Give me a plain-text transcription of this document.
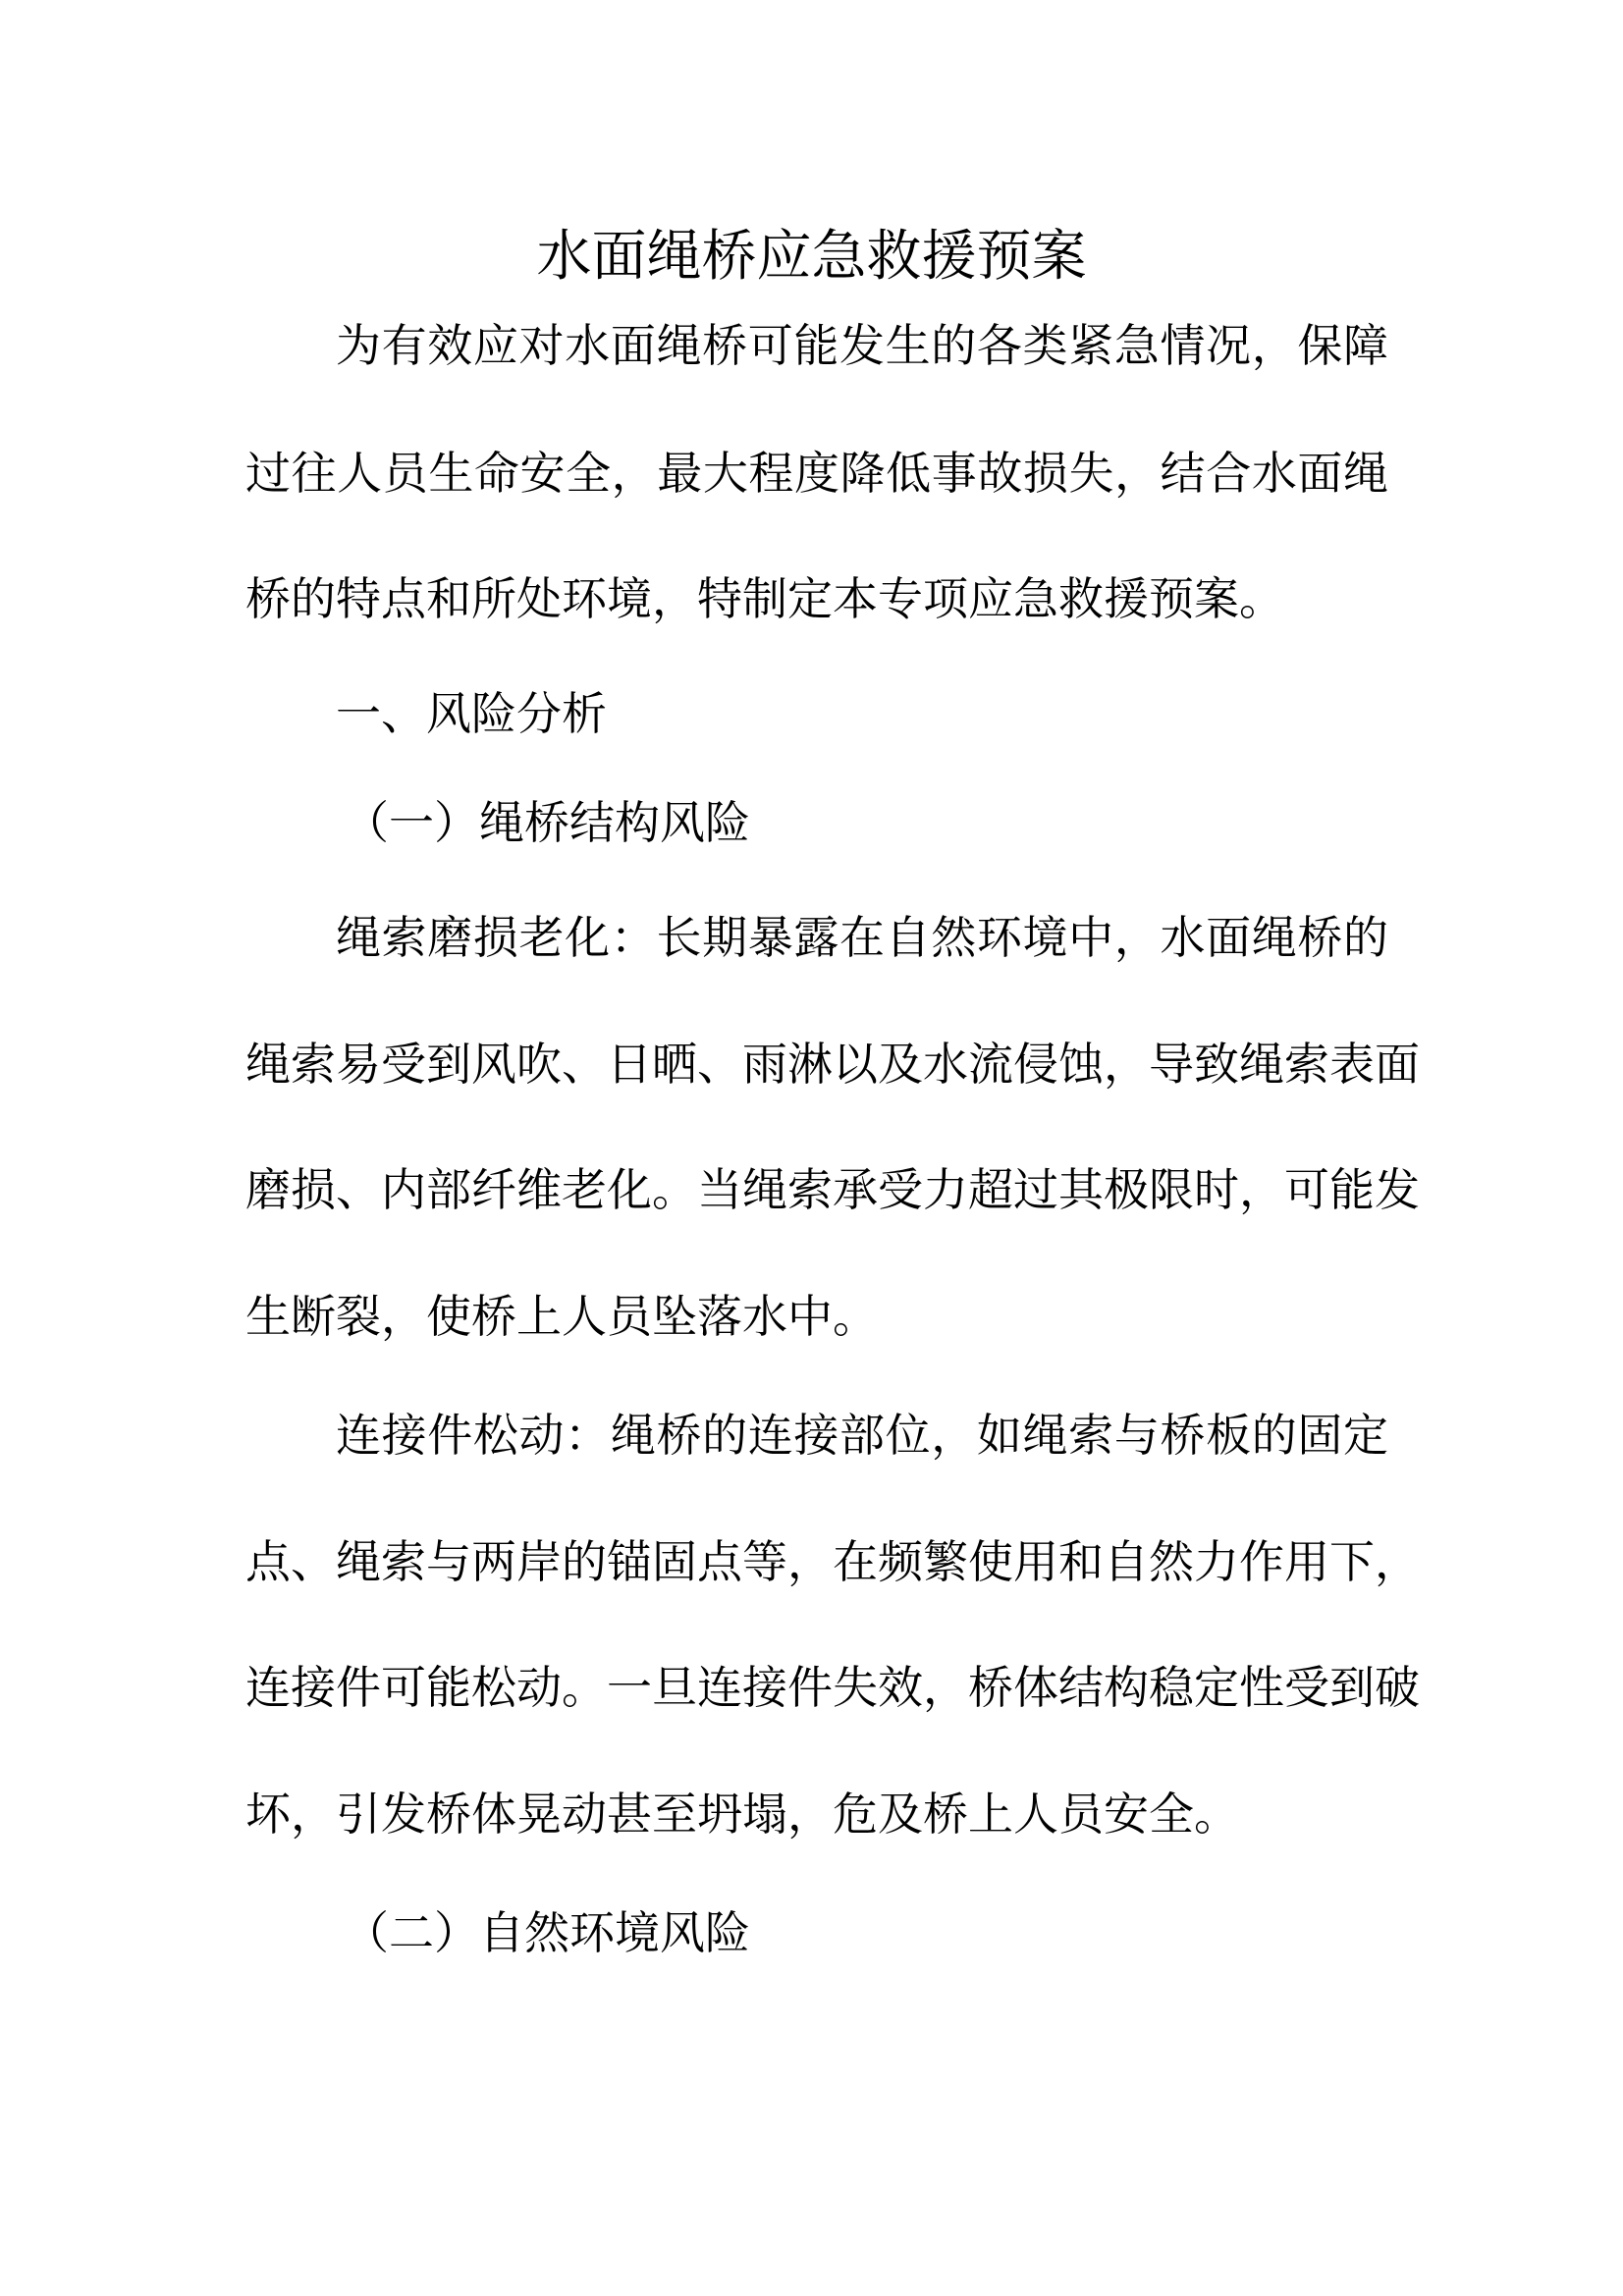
水面绳桥应急救援预案
为有效应对水面绳桥可能发生的各类紧急情况，保障
过往人员生命安全，最大程度降低事故损失，结合水面绳
桥的特点和所处环境，特制定本专项应急救援预案。
一、风险分析
（一）绳桥结构风险
绳索磨损老化：长期暴露在自然环境中，水面绳桥的
绳索易受到风吹、日晒、雨淋以及水流侵蚀，导致绳索表面
磨损、内部纤维老化。当绳索承受力超过其极限时，可能发
生断裂，使桥上人员坠落水中。
连接件松动：绳桥的连接部位，如绳索与桥板的固定
点、绳索与两岸的锚固点等，在频繁使用和自然力作用下，
连接件可能松动。一旦连接件失效，桥体结构稳定性受到破
坏，引发桥体晃动甚至坍塌，危及桥上人员安全。
（二）自然环境风险
